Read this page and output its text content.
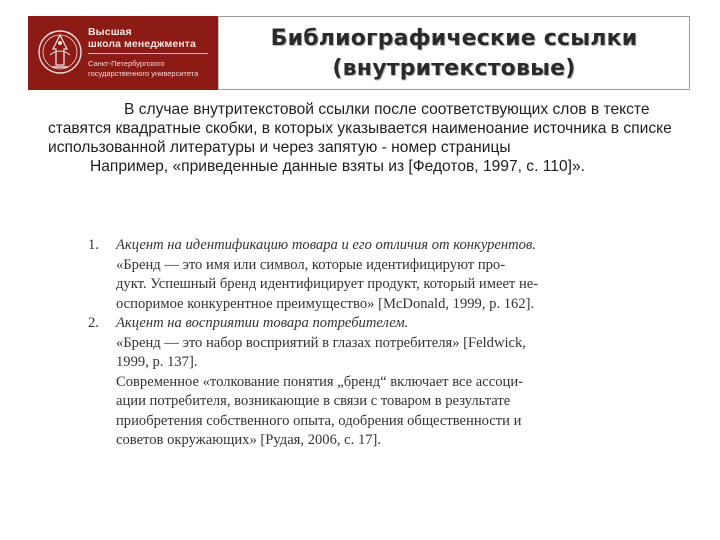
Высшая
школа менеджмента
Санкт-Петербургского
государственного университета
Библиографические ссылки
(внутритекстовые)

В случае внутритекстовой ссылки после соответствующих слов в тексте ставятся квадратные скобки, в которых указывается наименоание источника в списке использованной литературы и через запятую - номер страницы

Например, «приведенные данные взяты из [Федотов, 1997, с. 110]».

1. Акцент на идентификацию товара и его отличия от конкурентов.
«Бренд — это имя или символ, которые идентифицируют про-
дукт. Успешный бренд идентифицирует продукт, который имеет не-
оспоримое конкурентное преимущество» [McDonald, 1999, p. 162].
2. Акцент на восприятии товара потребителем.
«Бренд — это набор восприятий в глазах потребителя» [Feldwick,
1999, p. 137].
Современное «толкование понятия „бренд“ включает все ассоци-
ации потребителя, возникающие в связи с товаром в результате
приобретения собственного опыта, одобрения общественности и
советов окружающих» [Рудая, 2006, с. 17].
